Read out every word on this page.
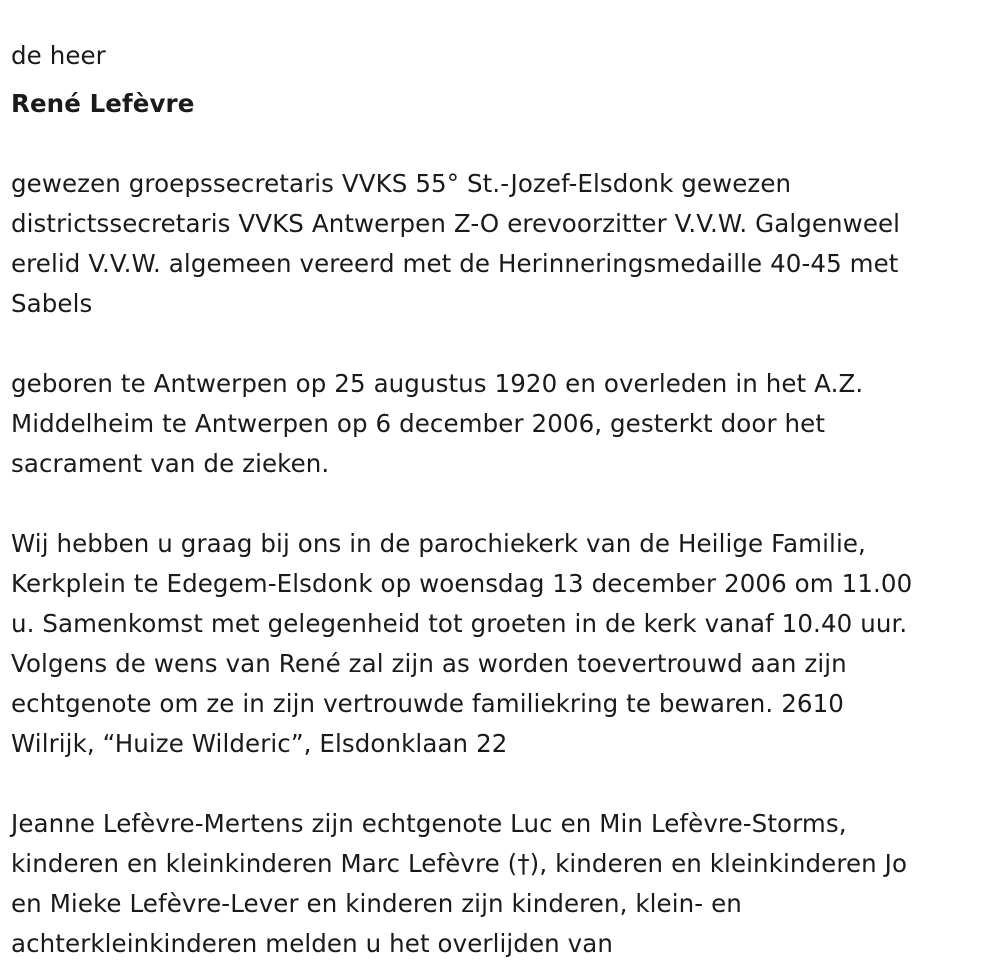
de heer
René Lefèvre
gewezen groepssecretaris VVKS 55° St.-Jozef-Elsdonk gewezen
districtssecretaris VVKS Antwerpen Z-O erevoorzitter V.V.W. Galgenweel
erelid V.V.W. algemeen vereerd met de Herinneringsmedaille 40-45 met
Sabels
geboren te Antwerpen op 25 augustus 1920 en overleden in het A.Z.
Middelheim te Antwerpen op 6 december 2006, gesterkt door het
sacrament van de zieken.
Wij hebben u graag bij ons in de parochiekerk van de Heilige Familie,
Kerkplein te Edegem-Elsdonk op woensdag 13 december 2006 om 11.00
u. Samenkomst met gelegenheid tot groeten in de kerk vanaf 10.40 uur.
Volgens de wens van René zal zijn as worden toevertrouwd aan zijn
echtgenote om ze in zijn vertrouwde familiekring te bewaren. 2610
Wilrijk, “Huize Wilderic”, Elsdonklaan 22
Jeanne Lefèvre-Mertens zijn echtgenote Luc en Min Lefèvre-Storms,
kinderen en kleinkinderen Marc Lefèvre (†), kinderen en kleinkinderen Jo
en Mieke Lefèvre-Lever en kinderen zijn kinderen, klein- en
achterkleinkinderen melden u het overlijden van
